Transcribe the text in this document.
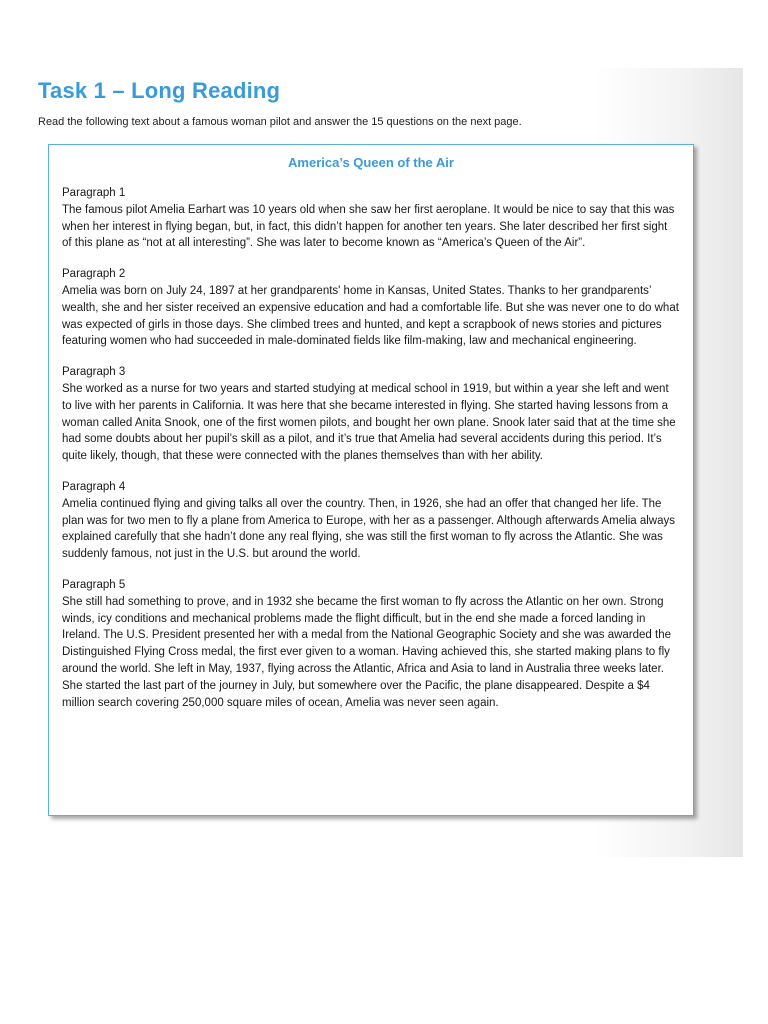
Task 1 – Long Reading

Read the following text about a famous woman pilot and answer the 15 questions on the next page.

America’s Queen of the Air

Paragraph 1
The famous pilot Amelia Earhart was 10 years old when she saw her first aeroplane. It would be nice to say that this was when her interest in flying began, but, in fact, this didn’t happen for another ten years. She later described her first sight of this plane as “not at all interesting”. She was later to become known as “America’s Queen of the Air”.

Paragraph 2
Amelia was born on July 24, 1897 at her grandparents' home in Kansas, United States. Thanks to her grandparents’ wealth, she and her sister received an expensive education and had a comfortable life. But she was never one to do what was expected of girls in those days. She climbed trees and hunted, and kept a scrapbook of news stories and pictures featuring women who had succeeded in male-dominated fields like film-making, law and mechanical engineering.

Paragraph 3
She worked as a nurse for two years and started studying at medical school in 1919, but within a year she left and went to live with her parents in California. It was here that she became interested in flying. She started having lessons from a woman called Anita Snook, one of the first women pilots, and bought her own plane. Snook later said that at the time she had some doubts about her pupil’s skill as a pilot, and it’s true that Amelia had several accidents during this period. It’s quite likely, though, that these were connected with the planes themselves than with her ability.

Paragraph 4
Amelia continued flying and giving talks all over the country. Then, in 1926, she had an offer that changed her life. The plan was for two men to fly a plane from America to Europe, with her as a passenger. Although afterwards Amelia always explained carefully that she hadn’t done any real flying, she was still the first woman to fly across the Atlantic. She was suddenly famous, not just in the U.S. but around the world.

Paragraph 5
She still had something to prove, and in 1932 she became the first woman to fly across the Atlantic on her own. Strong winds, icy conditions and mechanical problems made the flight difficult, but in the end she made a forced landing in Ireland. The U.S. President presented her with a medal from the National Geographic Society and she was awarded the Distinguished Flying Cross medal, the first ever given to a woman. Having achieved this, she started making plans to fly around the world. She left in May, 1937, flying across the Atlantic, Africa and Asia to land in Australia three weeks later. She started the last part of the journey in July, but somewhere over the Pacific, the plane disappeared. Despite a $4 million search covering 250,000 square miles of ocean, Amelia was never seen again.
